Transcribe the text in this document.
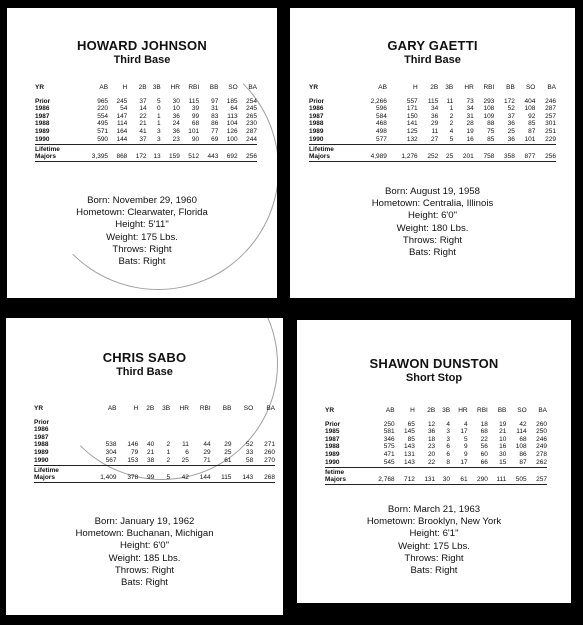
HOWARD JOHNSON
Third Base
YR	AB	H	2B	3B	HR	RBI	BB	SO	BA
Prior	965	245	37	5	30	115	97	185	254
1986	220	54	14	0	10	39	31	64	245
1987	554	147	22	1	36	99	83	113	265
1988	495	114	21	1	24	68	86	104	230
1989	571	164	41	3	36	101	77	126	287
1990	590	144	37	3	23	90	69	100	244

Lifetime
Majors	3,395	868	172	13	159	512	443	692	256
Born: November 29, 1960
Hometown: Clearwater, Florida
Height: 5'11"
Weight: 175 Lbs.
Throws: Right
Bats: Right
GARY GAETTI
Third Base
YR	AB	H	2B	3B	HR	RBI	BB	SO	BA
Prior	2,266	557	115	11	73	293	172	404	246
1986	596	171	34	1	34	108	52	108	287
1987	584	150	36	2	31	109	37	92	257
1988	468	141	29	2	28	88	36	85	301
1989	498	125	11	4	19	75	25	87	251
1990	577	132	27	5	16	85	36	101	229

Lifetime
Majors	4,989	1,276	252	25	201	758	358	877	256
Born: August 19, 1958
Hometown: Centralia, Illinois
Height: 6'0"
Weight: 180 Lbs.
Throws: Right
Bats: Right
CHRIS SABO
Third Base
YR	AB	H	2B	3B	HR	RBI	BB	SO	BA
Prior									
1986									
1987									
1988	538	146	40	2	11	44	29	52	271
1989	304	79	21	1	6	29	25	33	260
1990	567	153	38	2	25	71	61	58	270

Lifetime
Majors	1,409	378	99	5	42	144	115	143	268
Born: January 19, 1962
Hometown: Buchanan, Michigan
Height: 6'0"
Weight: 185 Lbs.
Throws: Right
Bats: Right
SHAWON DUNSTON
Short Stop
YR	AB	H	2B	3B	HR	RBI	BB	SO	BA
Prior	250	65	12	4	4	18	19	42	260
1985	581	145	36	3	17	68	21	114	250
1987	346	85	18	3	5	22	10	68	246
1988	575	143	23	6	9	56	16	108	249
1989	471	131	20	6	9	60	30	86	278
1990	545	143	22	8	17	66	15	87	262

fetime
Majors	2,768	712	131	30	61	290	111	505	257
Born: March 21, 1963
Hometown: Brooklyn, New York
Height: 6'1"
Weight: 175 Lbs.
Throws: Right
Bats: Right
